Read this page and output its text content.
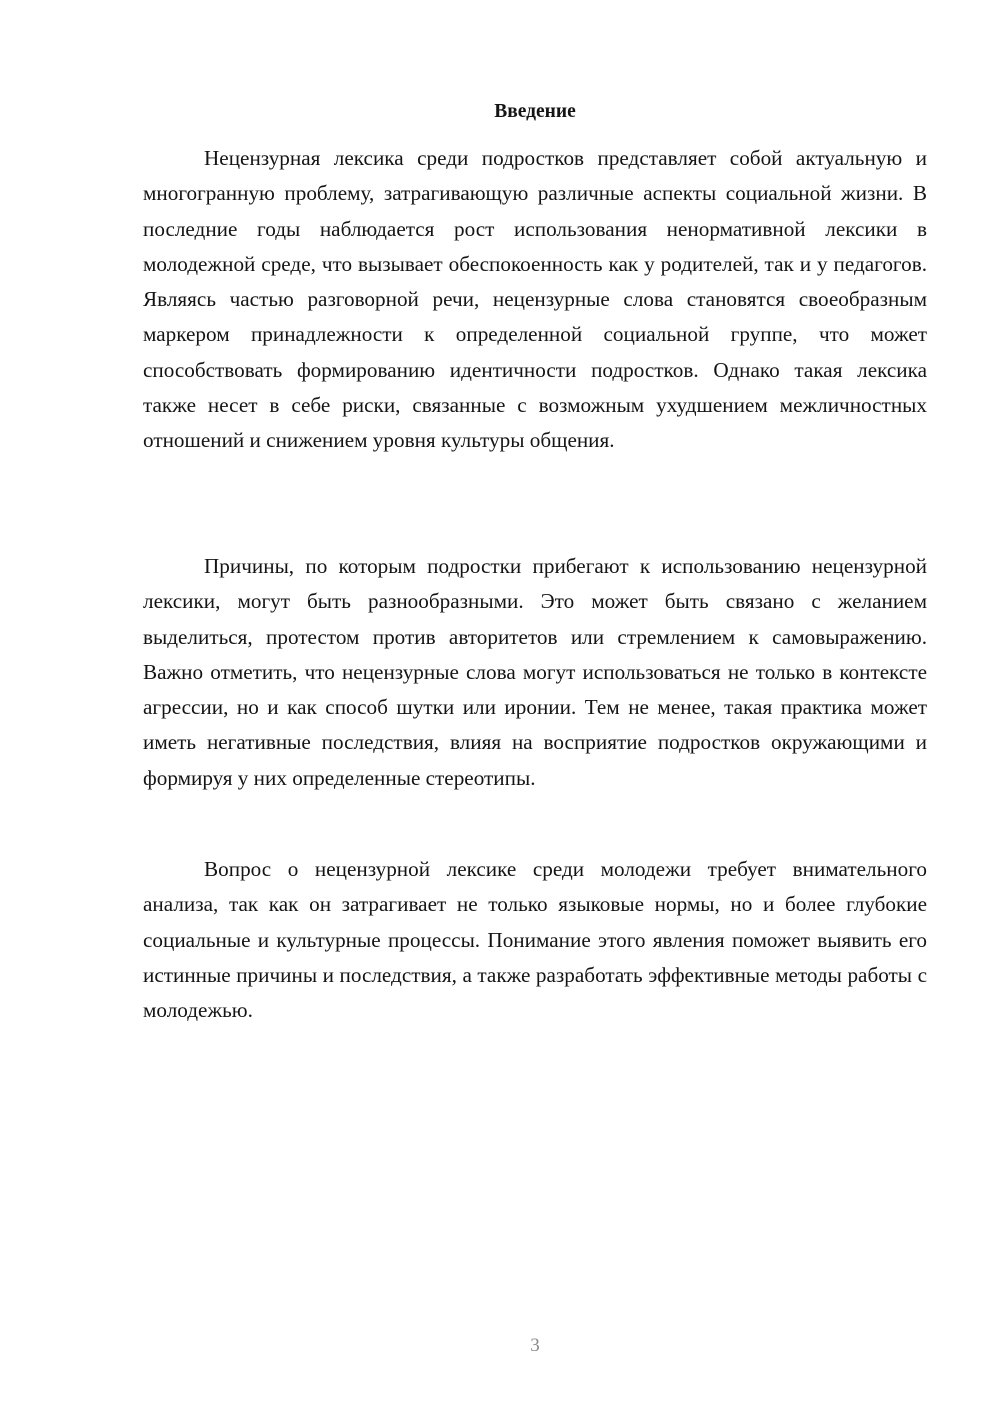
Введение

Нецензурная лексика среди подростков представляет собой актуальную и многогранную проблему, затрагивающую различные аспекты социальной жизни. В последние годы наблюдается рост использования ненормативной лексики в молодежной среде, что вызывает обеспокоенность как у родителей, так и у педагогов. Являясь частью разговорной речи, нецензурные слова становятся своеобразным маркером принадлежности к определенной социальной группе, что может способствовать формированию идентичности подростков. Однако такая лексика также несет в себе риски, связанные с возможным ухудшением межличностных отношений и снижением уровня культуры общения.

Причины, по которым подростки прибегают к использованию нецензурной лексики, могут быть разнообразными. Это может быть связано с желанием выделиться, протестом против авторитетов или стремлением к самовыражению. Важно отметить, что нецензурные слова могут использоваться не только в контексте агрессии, но и как способ шутки или иронии. Тем не менее, такая практика может иметь негативные последствия, влияя на восприятие подростков окружающими и формируя у них определенные стереотипы.

Вопрос о нецензурной лексике среди молодежи требует внимательного анализа, так как он затрагивает не только языковые нормы, но и более глубокие социальные и культурные процессы. Понимание этого явления поможет выявить его истинные причины и последствия, а также разработать эффективные методы работы с молодежью.

3
